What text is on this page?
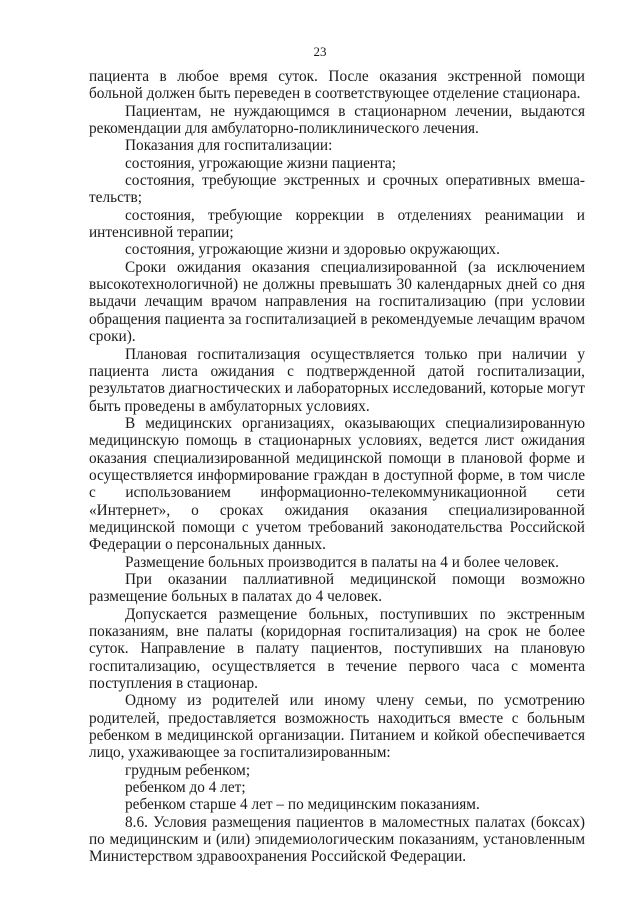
23

пациента в любое время суток. После оказания экстренной помощи больной должен быть переведен в соответствующее отделение стационара.

Пациентам, не нуждающимся в стационарном лечении, выдаются рекомендации для амбулаторно-поликлинического лечения.

Показания для госпитализации:

состояния, угрожающие жизни пациента;

состояния, требующие экстренных и срочных оперативных вмешательств;

состояния, требующие коррекции в отделениях реанимации и интенсивной терапии;

состояния, угрожающие жизни и здоровью окружающих.

Сроки ожидания оказания специализированной (за исключением высокотехнологичной) не должны превышать 30 календарных дней со дня выдачи лечащим врачом направления на госпитализацию (при условии обращения пациента за госпитализацией в рекомендуемые лечащим врачом сроки).

Плановая госпитализация осуществляется только при наличии у пациента листа ожидания с подтвержденной датой госпитализации, результатов диагностических и лабораторных исследований, которые могут быть проведены в амбулаторных условиях.

В медицинских организациях, оказывающих специализированную медицинскую помощь в стационарных условиях, ведется лист ожидания оказания специализированной медицинской помощи в плановой форме и осуществляется информирование граждан в доступной форме, в том числе с использованием информационно-телекоммуникационной сети «Интернет», о сроках ожидания оказания специализированной медицинской помощи с учетом требований законодательства Российской Федерации о персональных данных.

Размещение больных производится в палаты на 4 и более человек.

При оказании паллиативной медицинской помощи возможно размещение больных в палатах до 4 человек.

Допускается размещение больных, поступивших по экстренным показаниям, вне палаты (коридорная госпитализация) на срок не более суток. Направление в палату пациентов, поступивших на плановую госпитализацию, осуществляется в течение первого часа с момента поступления в стационар.

Одному из родителей или иному члену семьи, по усмотрению родителей, предоставляется возможность находиться вместе с больным ребенком в медицинской организации. Питанием и койкой обеспечивается лицо, ухаживающее за госпитализированным:

грудным ребенком;

ребенком до 4 лет;

ребенком старше 4 лет – по медицинским показаниям.

8.6. Условия размещения пациентов в маломестных палатах (боксах) по медицинским и (или) эпидемиологическим показаниям, установленным Министерством здравоохранения Российской Федерации.
